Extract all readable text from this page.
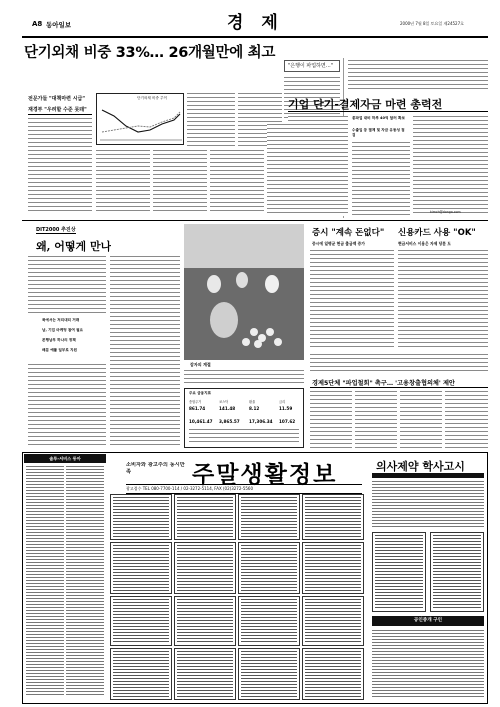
A8 동아일보	경 제	2000년 7월 8일 토요일 제24527호
단기외채 비중 33%… 26개월만에 최고
"은행이 파업하면…"
전문가들 "대책마련 시급"
재경부 "우려할 수준 못돼"
단기외채 비중 추이	기업 단기-결제자금 마련 총력전
총파업 대비 하루 40억 달러 확보
수출입 등 결제 및 자금 유동성 점검
kimch@donga.com
DIT2000 추진상
왜, 어떻게 만나
북에서는 저리대리 거래
남, 기업 마케팅 참여 필요
본행남부 하나의 정책
배분 예를 일부로 지원
감자의 계절
주요 금융지표
종합주가	코스닥	환율	금리
861.74	141.48	8.12	11.59
10,461.47 3,865.57 17,306.34 107.62
증시 "계속 돈없다"
증시에 일평균 현금 출금액 증가
신용카드 사용 "OK"
현금서비스 이용은 자제 당분 도
경제5단체 "파업철회" 촉구… '고용창출협의체' 제안
솔루-서비스 동아
소비자와 광고주의 동시만족	주말생활정보
광고접수 TEL 080-7700-114 / 02-3272-5114, FAX (02)3272-5560
의사제약 학사고시
공인중개 구인
